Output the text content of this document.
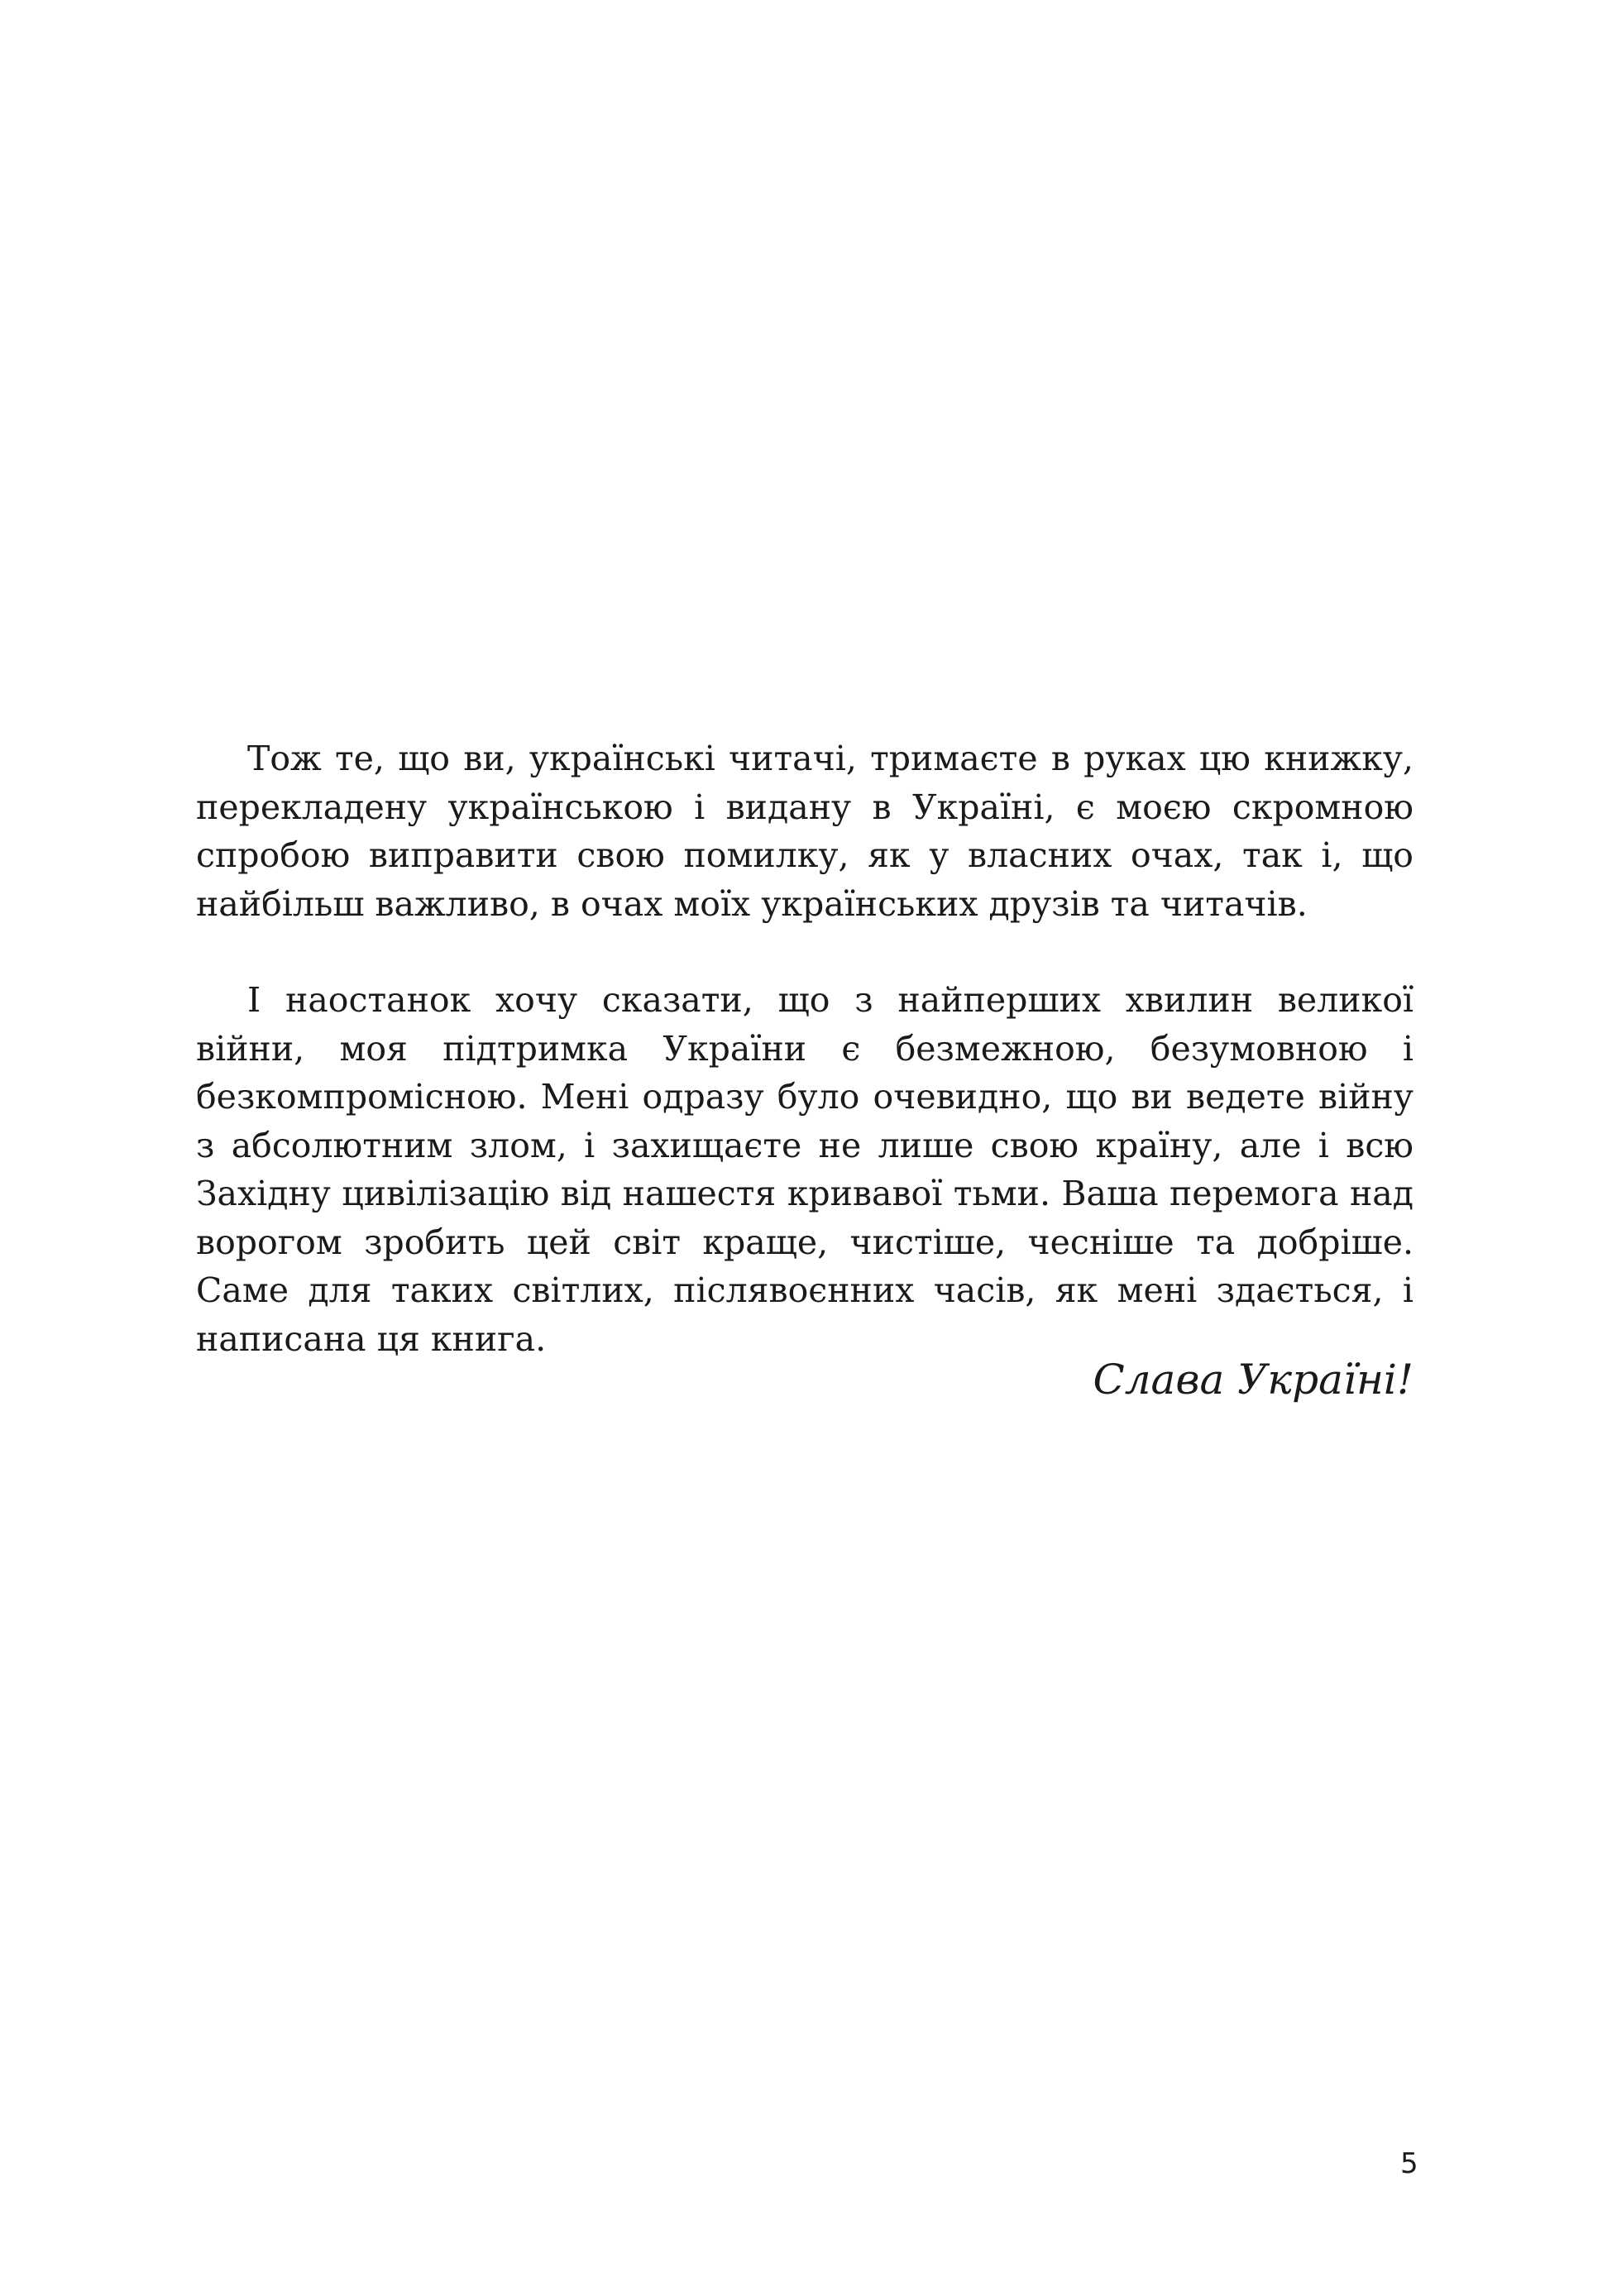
Тож те, що ви, українські читачі, тримаєте в руках цю книжку, перекладену українською і видану в Україні, є моєю скромною спробою виправити свою помилку, як у власних очах, так і, що найбільш важливо, в очах моїх українських друзів та читачів.

І наостанок хочу сказати, що з найперших хвилин великої війни, моя підтримка України є безмежною, безумовною і безкомпромісною. Мені одразу було очевидно, що ви ведете війну з абсолютним злом, і захищаєте не лише свою країну, але і всю Західну цивілізацію від нашестя кривавої тьми. Ваша перемога над ворогом зробить цей світ краще, чистіше, чесніше та добріше. Саме для таких світлих, післявоєнних часів, як мені здається, і написана ця книга.

Слава Україні!

5
